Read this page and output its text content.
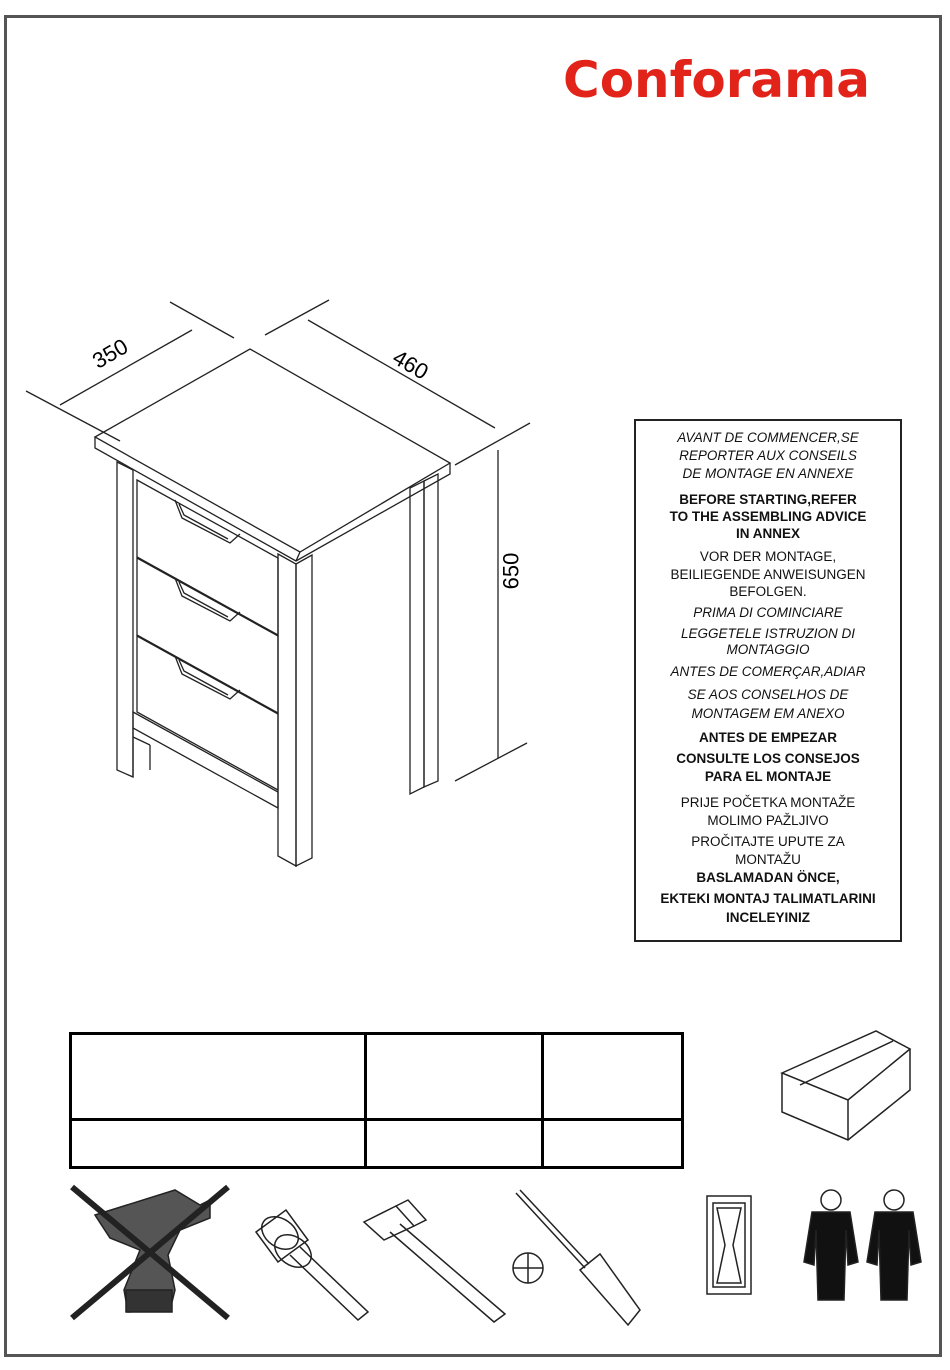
Conforama
350	460
650
AVANT DE COMMENCER,SE
REPORTER AUX CONSEILS
DE MONTAGE EN ANNEXE
BEFORE STARTING,REFER
TO THE ASSEMBLING ADVICE
IN ANNEX
VOR DER MONTAGE,
BEILIEGENDE ANWEISUNGEN
BEFOLGEN.
PRIMA DI COMINCIARE
LEGGETELE ISTRUZION DI
MONTAGGIO
ANTES DE COMERÇAR,ADIAR
SE AOS CONSELHOS DE
MONTAGEM EM ANEXO
ANTES DE EMPEZAR
CONSULTE LOS CONSEJOS
PARA EL MONTAJE
PRIJE POČETKA MONTAŽE
MOLIMO PAŽLJIVO
PROČITAJTE UPUTE ZA
MONTAŽU
BASLAMADAN ÖNCE,
EKTEKI MONTAJ TALIMATLARINI
INCELEYINIZ
